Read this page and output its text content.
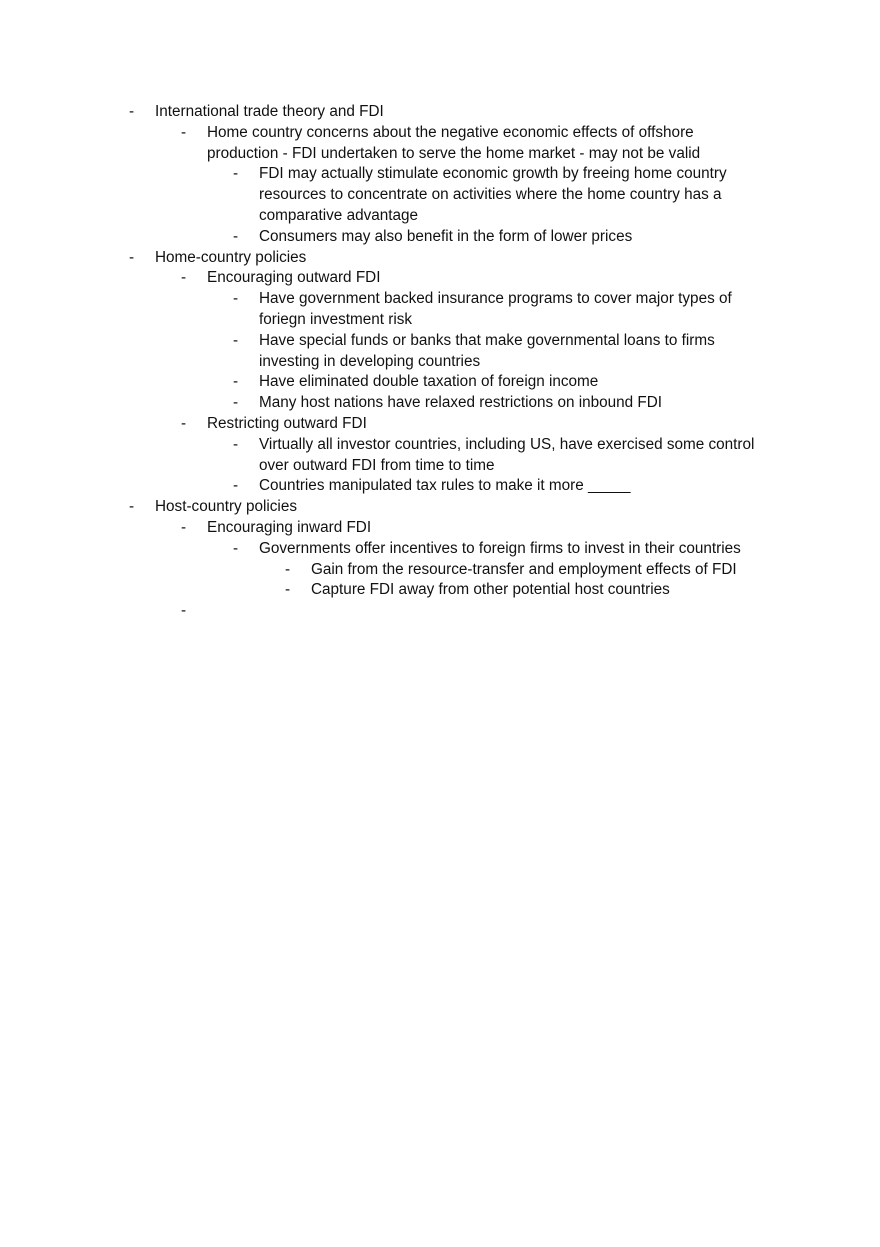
-	International trade theory and FDI
-	Home country concerns about the negative economic effects of offshore production - FDI undertaken to serve the home market - may not be valid
-	FDI may actually stimulate economic growth by freeing home country resources to concentrate on activities where the home country has a comparative advantage
-	Consumers may also benefit in the form of lower prices
-	Home-country policies
-	Encouraging outward FDI
-	Have government backed insurance programs to cover major types of foriegn investment risk
-	Have special funds or banks that make governmental loans to firms investing in developing countries
-	Have eliminated double taxation of foreign income
-	Many host nations have relaxed restrictions on inbound FDI
-	Restricting outward FDI
-	Virtually all investor countries, including US, have exercised some control over outward FDI from time to time
-	Countries manipulated tax rules to make it more _____
-	Host-country policies
-	Encouraging inward FDI
-	Governments offer incentives to foreign firms to invest in their countries
-	Gain from the resource-transfer and employment effects of FDI
-	Capture FDI away from other potential host countries
-
